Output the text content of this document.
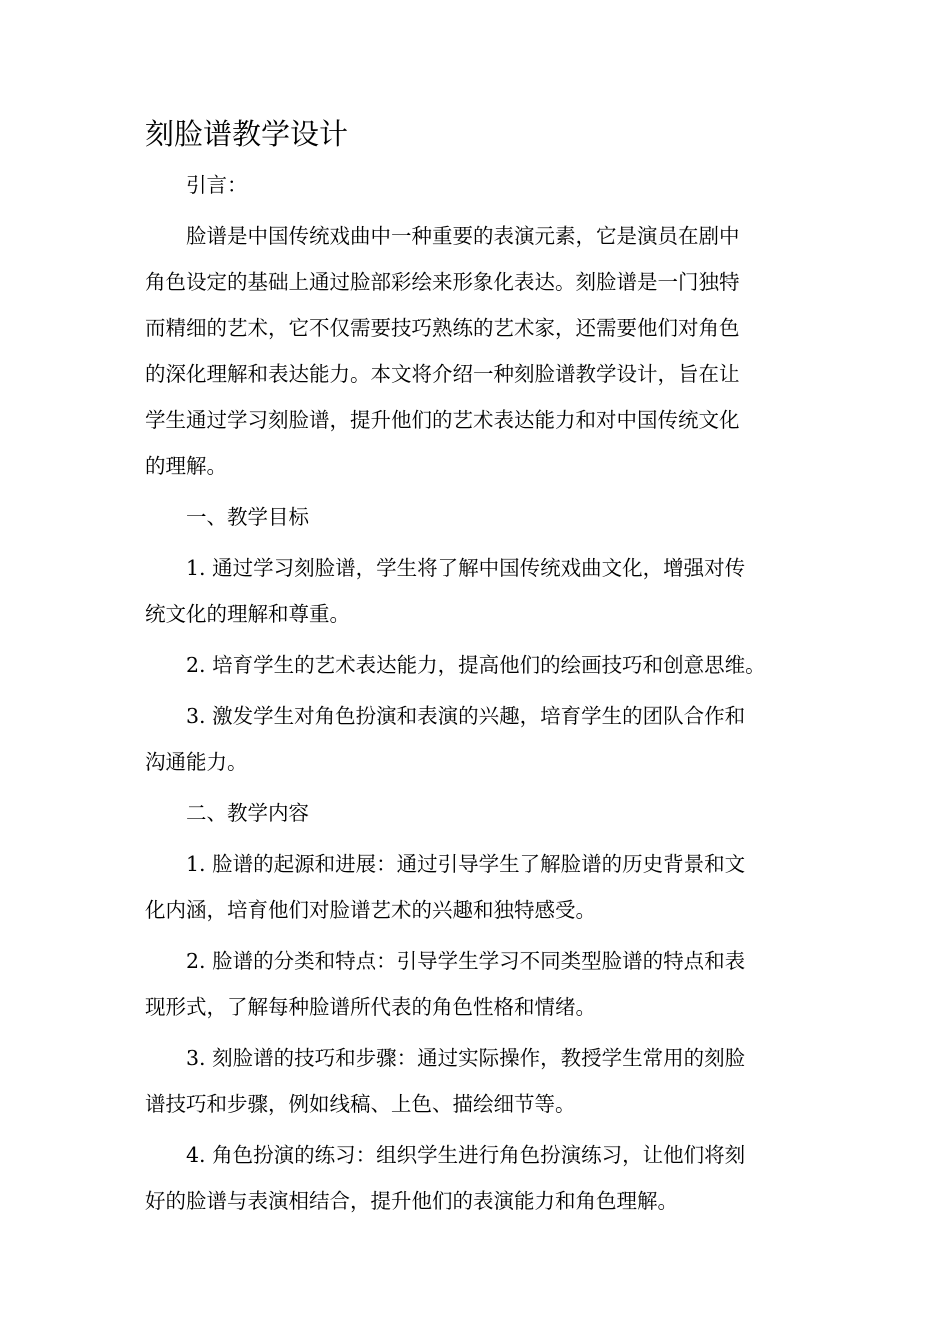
刻脸谱教学设计

引言：

脸谱是中国传统戏曲中一种重要的表演元素，它是演员在剧中
角色设定的基础上通过脸部彩绘来形象化表达。刻脸谱是一门独特
而精细的艺术，它不仅需要技巧熟练的艺术家，还需要他们对角色
的深化理解和表达能力。本文将介绍一种刻脸谱教学设计，旨在让
学生通过学习刻脸谱，提升他们的艺术表达能力和对中国传统文化
的理解。

一、教学目标

1. 通过学习刻脸谱，学生将了解中国传统戏曲文化，增强对传
统文化的理解和尊重。

2. 培育学生的艺术表达能力，提高他们的绘画技巧和创意思维。

3. 激发学生对角色扮演和表演的兴趣，培育学生的团队合作和
沟通能力。

二、教学内容

1. 脸谱的起源和进展：通过引导学生了解脸谱的历史背景和文
化内涵，培育他们对脸谱艺术的兴趣和独特感受。

2. 脸谱的分类和特点：引导学生学习不同类型脸谱的特点和表
现形式，了解每种脸谱所代表的角色性格和情绪。

3. 刻脸谱的技巧和步骤：通过实际操作，教授学生常用的刻脸
谱技巧和步骤，例如线稿、上色、描绘细节等。

4. 角色扮演的练习：组织学生进行角色扮演练习，让他们将刻
好的脸谱与表演相结合，提升他们的表演能力和角色理解。
